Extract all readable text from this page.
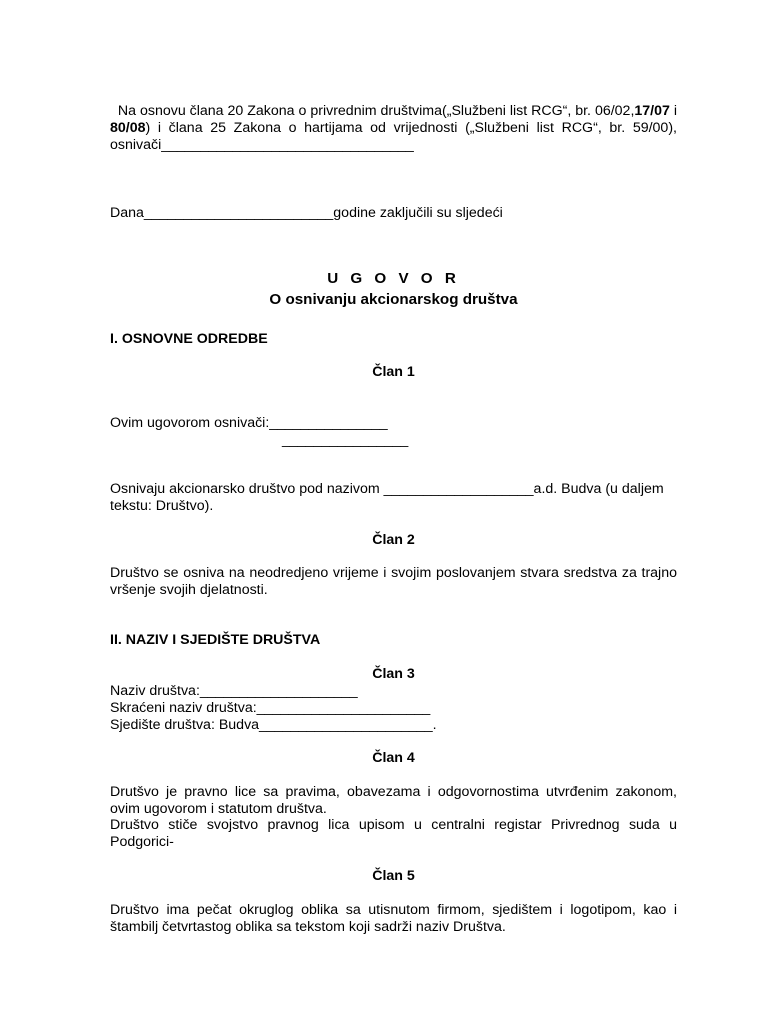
Na osnovu člana 20 Zakona o privrednim društvima(„Službeni list RCG“, br. 06/02,17/07 i 80/08) i člana 25 Zakona o hartijama od vrijednosti („Službeni list RCG“, br. 59/00), osnivači________________________________

Dana________________________godine zaključili su sljedeći

U G O V O R

O osnivanju akcionarskog društva

I. OSNOVNE ODREDBE

Član 1

Ovim ugovorom osnivači:_______________

________________

Osnivaju akcionarsko društvo pod nazivom ___________________a.d. Budva (u daljem tekstu: Društvo).

Član 2

Društvo se osniva na neodredjeno vrijeme i svojim poslovanjem stvara sredstva za trajno vršenje svojih djelatnosti.

II. NAZIV I SJEDIŠTE DRUŠTVA

Član 3

Naziv društva:____________________

Skraćeni naziv društva:______________________

Sjedište društva: Budva______________________.

Član 4

Drutšvo je pravno lice sa pravima, obavezama i odgovornostima utvrđenim zakonom, ovim ugovorom i statutom društva.

Društvo stiče svojstvo pravnog lica upisom u centralni registar Privrednog suda u Podgorici-

Član 5

Društvo ima pečat okruglog oblika sa utisnutom firmom, sjedištem i logotipom, kao i štambilj četvrtastog oblika sa tekstom koji sadrži naziv Društva.
